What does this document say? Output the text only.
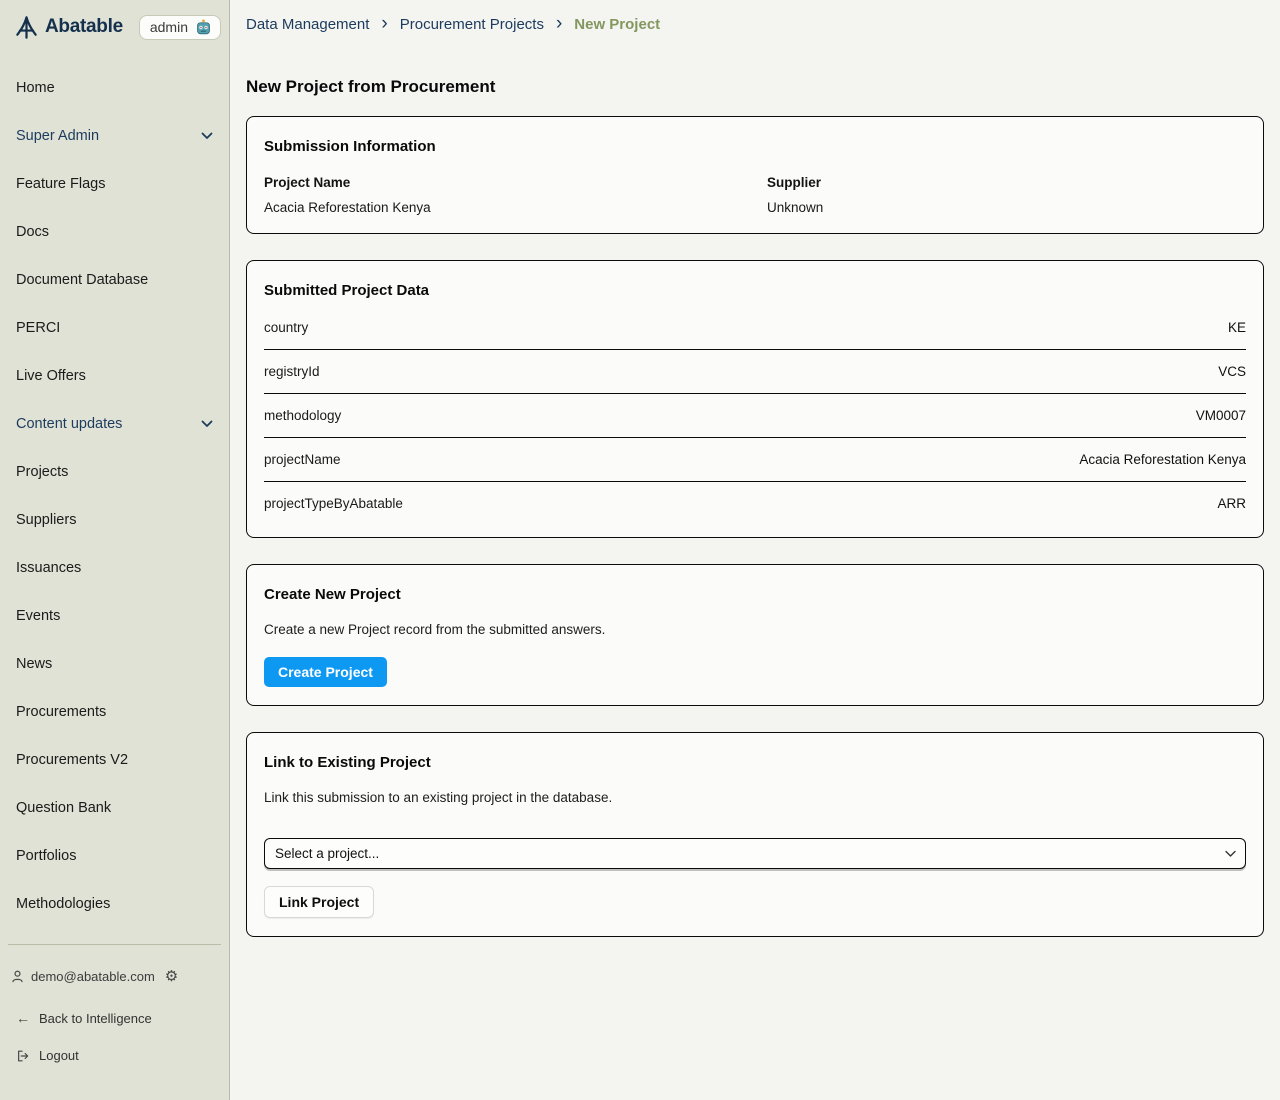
Abatable admin
Home
Super Admin
Feature Flags
Docs
Document Database
PERCI
Live Offers
Content updates
Projects
Suppliers
Issuances
Events
News
Procurements
Procurements V2
Question Bank
Portfolios
Methodologies
demo@abatable.com ⚙
← Back to Intelligence
Logout
Data Management › Procurement Projects › New Project
New Project from Procurement
Submission Information
Project Name
Acacia Reforestation Kenya
Supplier
Unknown
Submitted Project Data
country	KE
registryId	VCS
methodology	VM0007
projectName	Acacia Reforestation Kenya
projectTypeByAbatable	ARR
Create New Project

Create a new Project record from the submitted answers.

Create Project
Link to Existing Project

Link this submission to an existing project in the database.

Select a project...
Link Project
